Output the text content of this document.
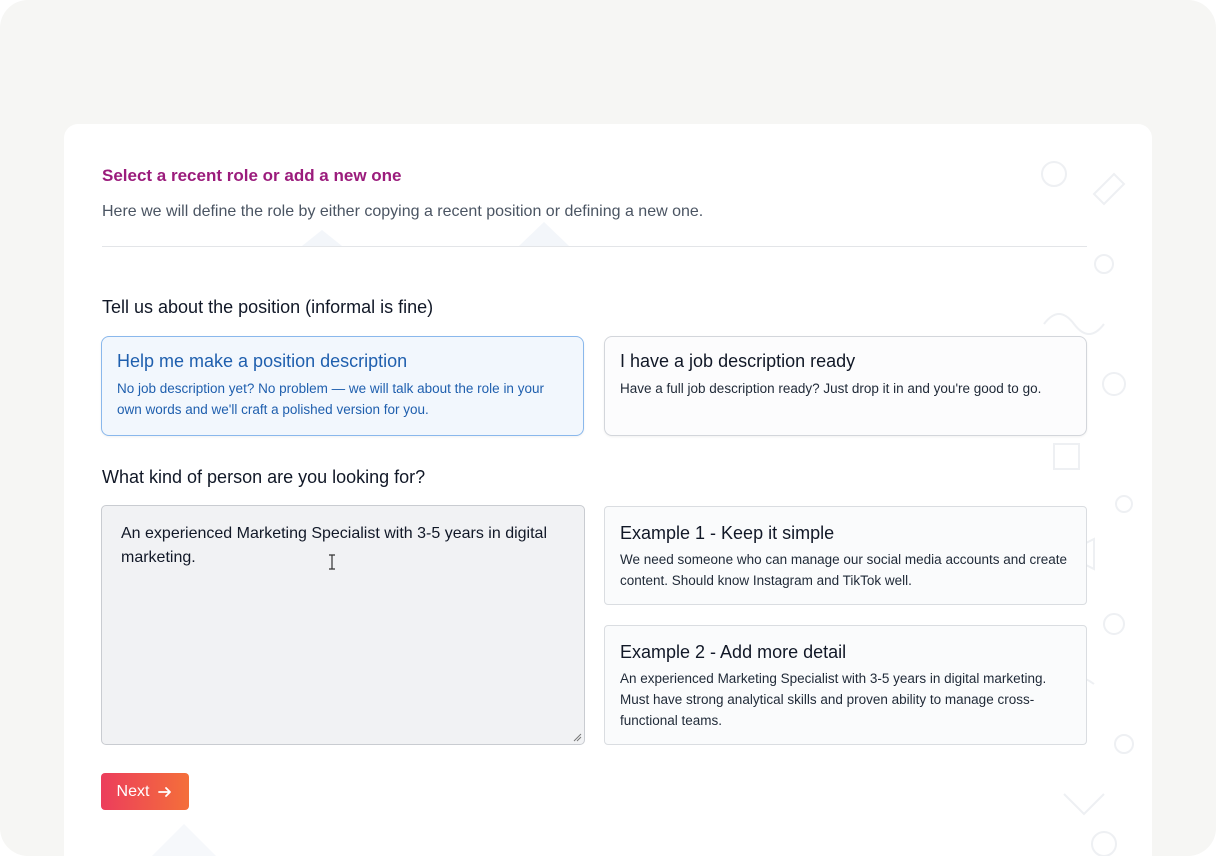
Select a recent role or add a new one
Here we will define the role by either copying a recent position or defining a new one.
Tell us about the position (informal is fine)
Help me make a position description
No job description yet? No problem — we will talk about the role in your own words and we'll craft a polished version for you.
I have a job description ready
Have a full job description ready? Just drop it in and you're good to go.
What kind of person are you looking for?
An experienced Marketing Specialist with 3-5 years in digital marketing.
Example 1 - Keep it simple
We need someone who can manage our social media accounts and create content. Should know Instagram and TikTok well.
Example 2 - Add more detail
An experienced Marketing Specialist with 3-5 years in digital marketing. Must have strong analytical skills and proven ability to manage cross-functional teams.
Next
